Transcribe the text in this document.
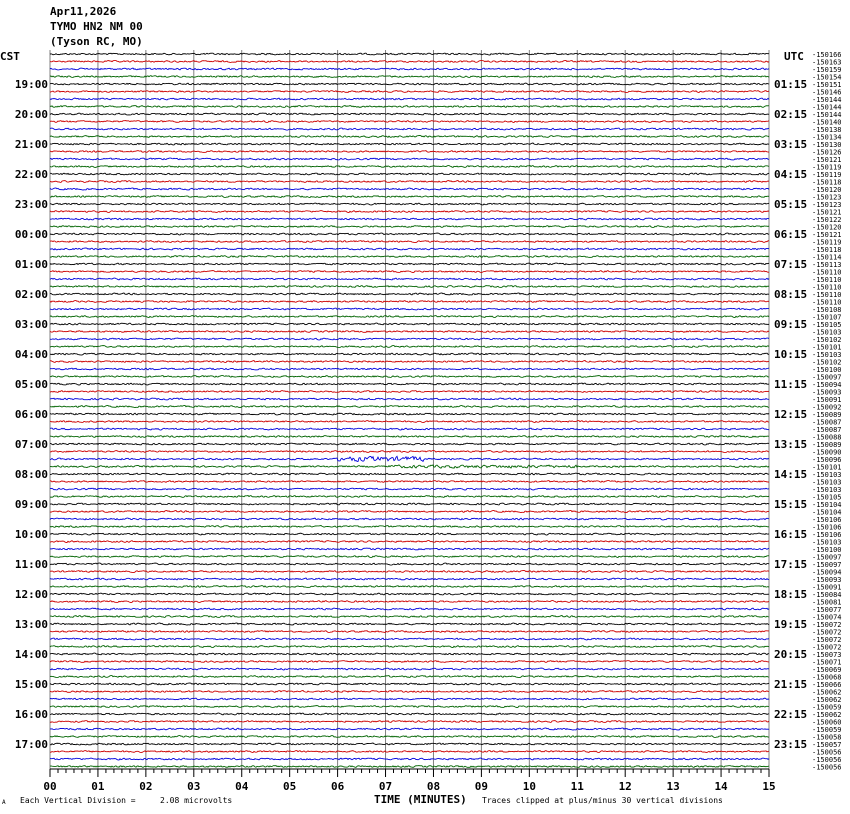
Apr11,2026
TYMO HN2 NM 00
(Tyson RC, MO)
19:00
20:00
21:00
22:00
23:00
00:00
01:00
02:00
03:00
04:00
05:00
06:00
07:00
08:00
09:00
10:00
11:00
12:00
13:00
14:00
15:00
16:00
17:00
01:15
02:15
03:15
04:15
05:15
06:15
07:15
08:15
09:15
10:15
11:15
12:15
13:15
14:15
15:15
16:15
17:15
18:15
19:15
20:15
21:15
22:15
23:15
-150166
-150163
-150159
-150154
-150151
-150146
-150144
-150144
-150144
-150140
-150138
-150134
-150130
-150126
-150121
-150119
-150119
-150118
-150120
-150123
-150123
-150121
-150122
-150120
-150121
-150119
-150118
-150114
-150113
-150110
-150110
-150110
-150110
-150110
-150108
-150107
-150105
-150103
-150102
-150101
-150103
-150102
-150100
-150097
-150094
-150093
-150091
-150092
-150089
-150087
-150087
-150088
-150089
-150090
-150096
-150101
-150103
-150103
-150103
-150105
-150104
-150104
-150106
-150106
-150106
-150103
-150100
-150097
-150097
-150094
-150093
-150091
-150084
-150081
-150077
-150074
-150072
-150072
-150072
-150072
-150073
-150071
-150069
-150068
-150066
-150062
-150062
-150059
-150062
-150060
-150059
-150058
-150057
-150056
-150056
-150056
00	01	02	03	04	05	06	07	08	09	10	11	12	13	14	15
CST	UTC
TIME (MINUTES)
A Each Vertical Division =	2.08 microvolts	Traces clipped at plus/minus 30 vertical divisions
